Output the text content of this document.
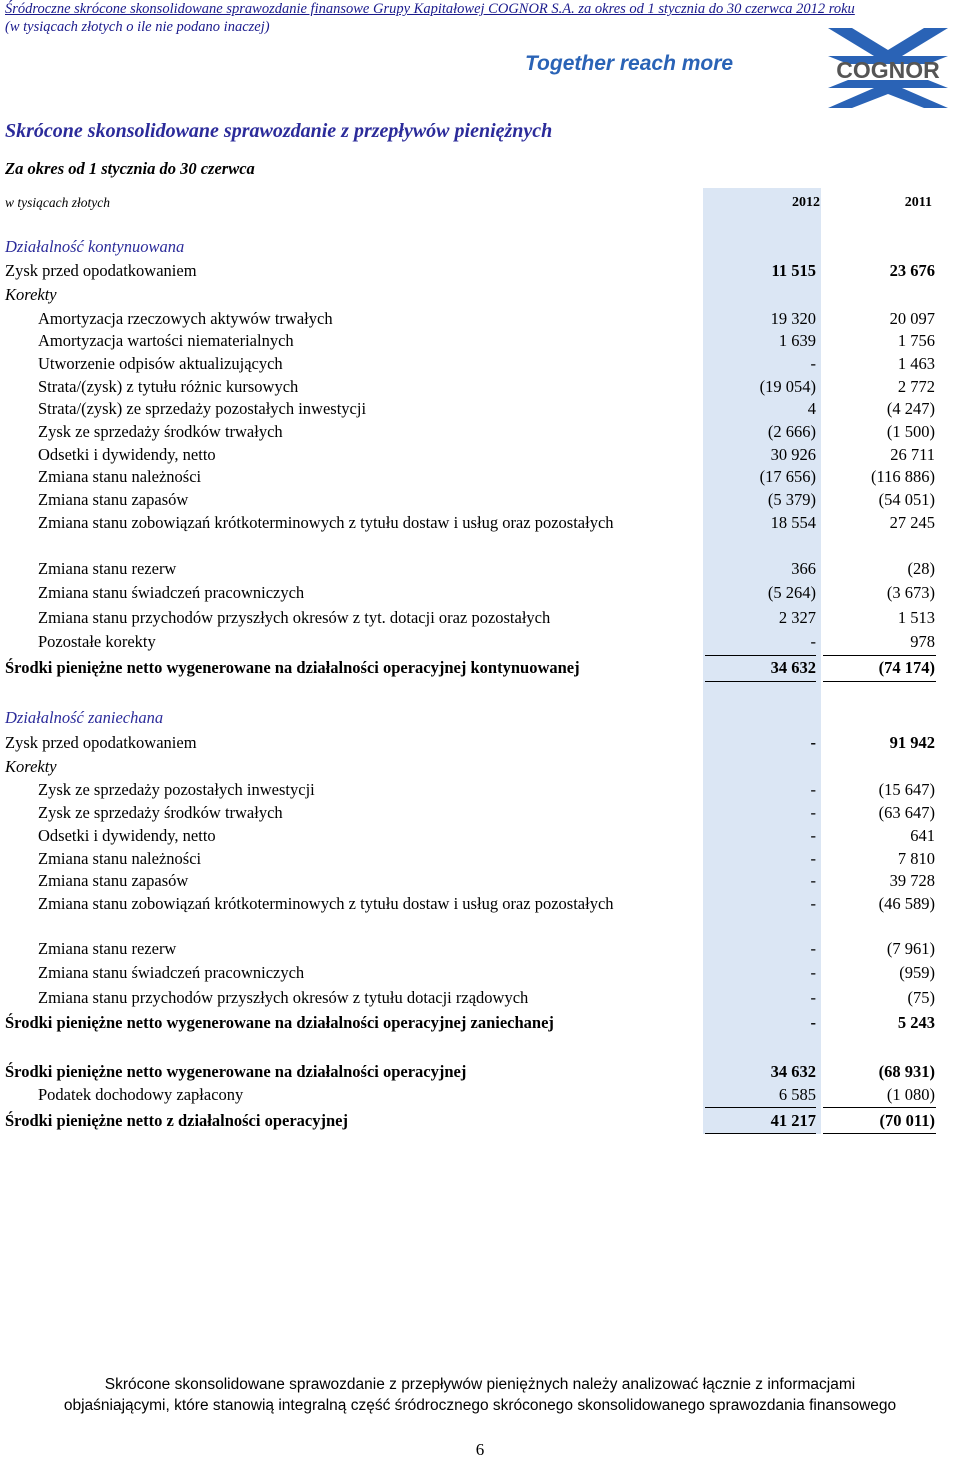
Śródroczne skrócone skonsolidowane sprawozdanie finansowe Grupy Kapitałowej COGNOR S.A. za okres od 1 stycznia do 30 czerwca 2012 roku
(w tysiącach złotych o ile nie podano inaczej)
Together reach more	COGNOR
Skrócone skonsolidowane sprawozdanie z przepływów pieniężnych
Za okres od 1 stycznia do 30 czerwca
w tysiącach złotych	2012	2011
Działalność kontynuowana
Zysk przed opodatkowaniem	11 515	23 676
Korekty
Amortyzacja rzeczowych aktywów trwałych	19 320	20 097
Amortyzacja wartości niematerialnych	1 639	1 756
Utworzenie odpisów aktualizujących	-	1 463
Strata/(zysk) z tytułu różnic kursowych	(19 054)	2 772
Strata/(zysk) ze sprzedaży pozostałych inwestycji	4	(4 247)
Zysk ze sprzedaży środków trwałych	(2 666)	(1 500)
Odsetki i dywidendy, netto	30 926	26 711
Zmiana stanu należności	(17 656)	(116 886)
Zmiana stanu zapasów	(5 379)	(54 051)
Zmiana stanu zobowiązań krótkoterminowych z tytułu dostaw i usług oraz pozostałych	18 554	27 245
Zmiana stanu rezerw	366	(28)
Zmiana stanu świadczeń pracowniczych	(5 264)	(3 673)
Zmiana stanu przychodów przyszłych okresów z tyt. dotacji oraz pozostałych	2 327	1 513
Pozostałe korekty	-	978
Środki pieniężne netto wygenerowane na działalności operacyjnej kontynuowanej	34 632	(74 174)
Działalność zaniechana
Zysk przed opodatkowaniem	-	91 942
Korekty
Zysk ze sprzedaży pozostałych inwestycji	-	(15 647)
Zysk ze sprzedaży środków trwałych	-	(63 647)
Odsetki i dywidendy, netto	-	641
Zmiana stanu należności	-	7 810
Zmiana stanu zapasów	-	39 728
Zmiana stanu zobowiązań krótkoterminowych z tytułu dostaw i usług oraz pozostałych	-	(46 589)
Zmiana stanu rezerw	-	(7 961)
Zmiana stanu świadczeń pracowniczych	-	(959)
Zmiana stanu przychodów przyszłych okresów z tytułu dotacji rządowych	-	(75)
Środki pieniężne netto wygenerowane na działalności operacyjnej zaniechanej	-	5 243
Środki pieniężne netto wygenerowane na działalności operacyjnej	34 632	(68 931)
Podatek dochodowy zapłacony	6 585	(1 080)
Środki pieniężne netto z działalności operacyjnej	41 217	(70 011)
Skrócone skonsolidowane sprawozdanie z przepływów pieniężnych należy analizować łącznie z informacjami
objaśniającymi, które stanowią integralną część śródrocznego skróconego skonsolidowanego sprawozdania finansowego
6
